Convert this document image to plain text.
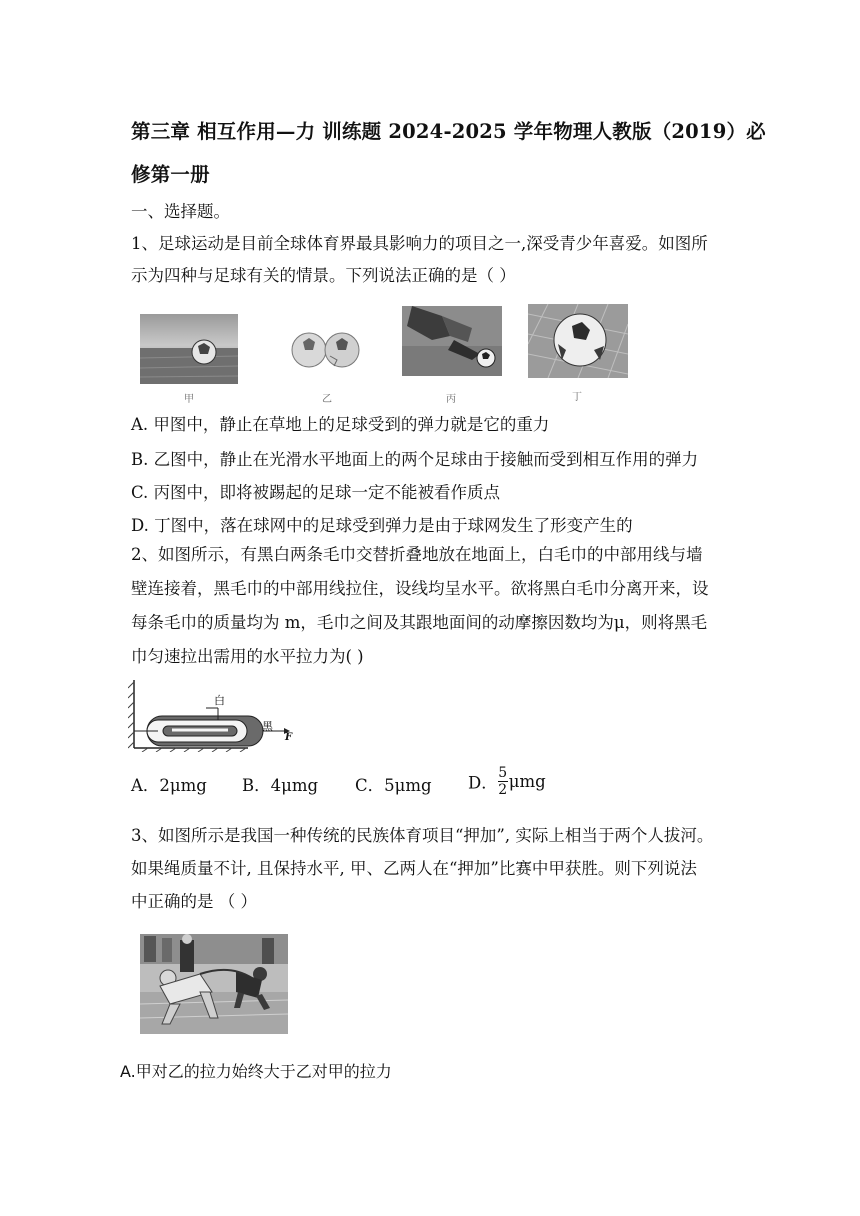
第三章 相互作用—力 训练题 2024-2025 学年物理人教版（2019）必
修第一册
一、选择题。
1、足球运动是目前全球体育界最具影响力的项目之一,深受青少年喜爱。如图所
示为四种与足球有关的情景。下列说法正确的是（ ）
甲	乙	丙	丁
A. 甲图中，静止在草地上的足球受到的弹力就是它的重力
B. 乙图中，静止在光滑水平地面上的两个足球由于接触而受到相互作用的弹力
C. 丙图中，即将被踢起的足球一定不能被看作质点
D. 丁图中，落在球网中的足球受到弹力是由于球网发生了形变产生的
2、如图所示，有黑白两条毛巾交替折叠地放在地面上，白毛巾的中部用线与墙
壁连接着，黑毛巾的中部用线拉住，设线均呈水平。欲将黑白毛巾分离开来，设
每条毛巾的质量均为 m，毛巾之间及其跟地面间的动摩擦因数均为μ，则将黑毛
巾匀速拉出需用的水平拉力为( )
白
黑
F
A．2μmg B．4μmg C．5μmg D． $\frac{5}{2}$ μmg
3、如图所示是我国一种传统的民族体育项目“押加”, 实际上相当于两个人拔河。
如果绳质量不计, 且保持水平, 甲、乙两人在“押加”比赛中甲获胜。则下列说法
中正确的是 （ ）
A.甲对乙的拉力始终大于乙对甲的拉力
